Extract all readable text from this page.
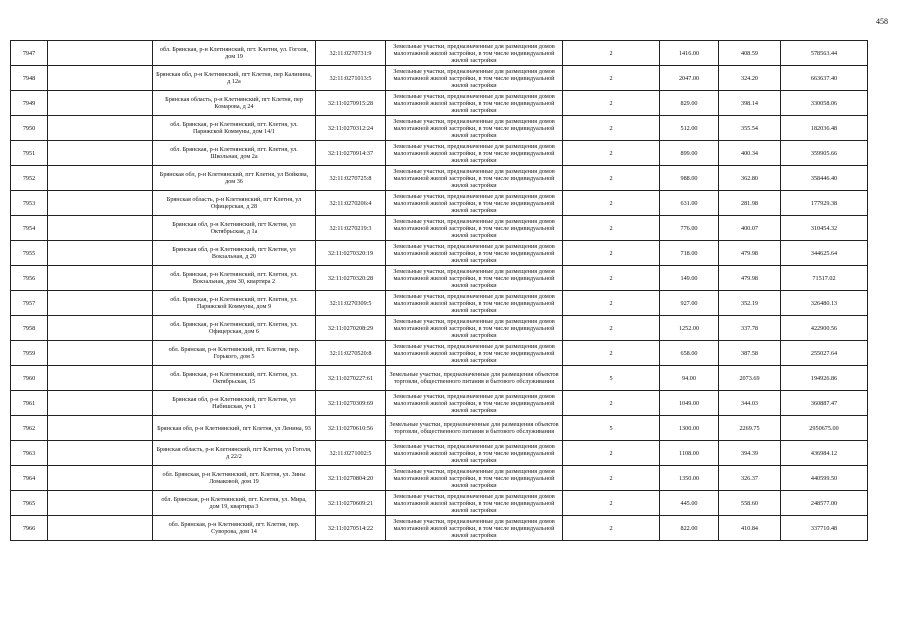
458
7947		обл. Брянская, р-н Клетнянский, пгт. Клетня, ул. Гоголя, дом 19	32:11:0270731:9	Земельные участки, предназначенные для размещения домов малоэтажной жилой застройки, в том числе индивидуальной жилой застройки	2	1416.00	408.59	578563.44
7948		Брянская обл, р-н Клетнянский, пгт Клетня, пер Калинина, д 12а	32:11:0271013:5	Земельные участки, предназначенные для размещения домов малоэтажной жилой застройки, в том числе индивидуальной жилой застройки	2	2047.00	324.20	663637.40
7949		Брянская область, р-н Клетнянский, пгт Клетня, пер Комарова, д 24	32:11:0270915:28	Земельные участки, предназначенные для размещения домов малоэтажной жилой застройки, в том числе индивидуальной жилой застройки	2	829.00	398.14	330058.06
7950		обл. Брянская, р-н Клетнянский, пгт. Клетня, ул. Парижской Коммуны, дом 14/1	32:11:0270312:24	Земельные участки, предназначенные для размещения домов малоэтажной жилой застройки, в том числе индивидуальной жилой застройки	2	512.00	355.54	182036.48
7951		обл. Брянская, р-н Клетнянский, пгт. Клетня, ул. Школьная, дом 2а	32:11:0270914:37	Земельные участки, предназначенные для размещения домов малоэтажной жилой застройки, в том числе индивидуальной жилой застройки	2	899.00	400.34	359905.66
7952		Брянская обл, р-н Клетнянский, пгт Клетня, ул Войкова, дом 36	32:11:0270725:8	Земельные участки, предназначенные для размещения домов малоэтажной жилой застройки, в том числе индивидуальной жилой застройки	2	988.00	362.80	358446.40
7953		Брянская область, р-н Клетнянский, пгт Клетня, ул Офицерская, д 28	32:11:0270206:4	Земельные участки, предназначенные для размещения домов малоэтажной жилой застройки, в том числе индивидуальной жилой застройки	2	631.00	281.98	177929.38
7954		Брянская обл, р-н Клетнянский, пгт Клетня, ул Октябрьская, д 1а	32:11:0270219:3	Земельные участки, предназначенные для размещения домов малоэтажной жилой застройки, в том числе индивидуальной жилой застройки	2	776.00	400.07	310454.32
7955		Брянская обл, р-н Клетнянский, пгт Клетня, ул Вокзальная, д 20	32:11:0270320:19	Земельные участки, предназначенные для размещения домов малоэтажной жилой застройки, в том числе индивидуальной жилой застройки	2	718.00	479.98	344625.64
7956		обл. Брянская, р-н Клетнянский, пгт. Клетня, ул. Вокзальная, дом 30, квартира 2	32:11:0270320:28	Земельные участки, предназначенные для размещения домов малоэтажной жилой застройки, в том числе индивидуальной жилой застройки	2	149.00	479.98	71517.02
7957		обл. Брянская, р-н Клетнянский, пгт. Клетня, ул. Парижской Коммуны, дом 9	32:11:0270309:5	Земельные участки, предназначенные для размещения домов малоэтажной жилой застройки, в том числе индивидуальной жилой застройки	2	927.00	352.19	326480.13
7958		обл. Брянская, р-н Клетнянский, пгт. Клетня, ул. Офицерская, дом 6	32:11:0270208:29	Земельные участки, предназначенные для размещения домов малоэтажной жилой застройки, в том числе индивидуальной жилой застройки	2	1252.00	337.78	422900.56
7959		обл. Брянская, р-н Клетнянский, пгт. Клетня, пер. Горького, дом 5	32:11:0270520:8	Земельные участки, предназначенные для размещения домов малоэтажной жилой застройки, в том числе индивидуальной жилой застройки	2	658.00	387.58	255027.64
7960		обл. Брянская, р-н Клетнянский, пгт. Клетня, ул. Октябрьская, 15	32:11:0270227:61	Земельные участки, предназначенные для размещения объектов торговли, общественного питания и бытового обслуживания	5	94.00	2073.69	194926.86
7961		Брянская обл, р-н Клетнянский, пгт Клетня, ул Набишская, уч 1	32:11:0270309:69	Земельные участки, предназначенные для размещения домов малоэтажной жилой застройки, в том числе индивидуальной жилой застройки	2	1049.00	344.03	360887.47
7962		Брянская обл, р-н Клетнянский, пгт Клетня, ул Ленина, 93	32:11:0270610:56	Земельные участки, предназначенные для размещения объектов торговли, общественного питания и бытового обслуживания	5	1300.00	2269.75	2950675.00
7963		Брянская область, р-н Клетнянский, пгт Клетня, ул Гоголя, д 22/2	32:11:0271002:5	Земельные участки, предназначенные для размещения домов малоэтажной жилой застройки, в том числе индивидуальной жилой застройки	2	1108.00	394.39	436984.12
7964		обл. Брянская, р-н Клетнянский, пгт. Клетня, ул. Зины Ломаковой, дом 19	32:11:0270804:20	Земельные участки, предназначенные для размещения домов малоэтажной жилой застройки, в том числе индивидуальной жилой застройки	2	1350.00	326.37	440599.50
7965		обл. Брянская, р-н Клетнянский, пгт. Клетня, ул. Мира, дом 19, квартира 3	32:11:0270609:21	Земельные участки, предназначенные для размещения домов малоэтажной жилой застройки, в том числе индивидуальной жилой застройки	2	445.00	558.60	248577.00
7966		обл. Брянская, р-н Клетнянский, пгт. Клетня, пер. Суворова, дом 14	32:11:0270514:22	Земельные участки, предназначенные для размещения домов малоэтажной жилой застройки, в том числе индивидуальной жилой застройки	2	822.00	410.84	337710.48
